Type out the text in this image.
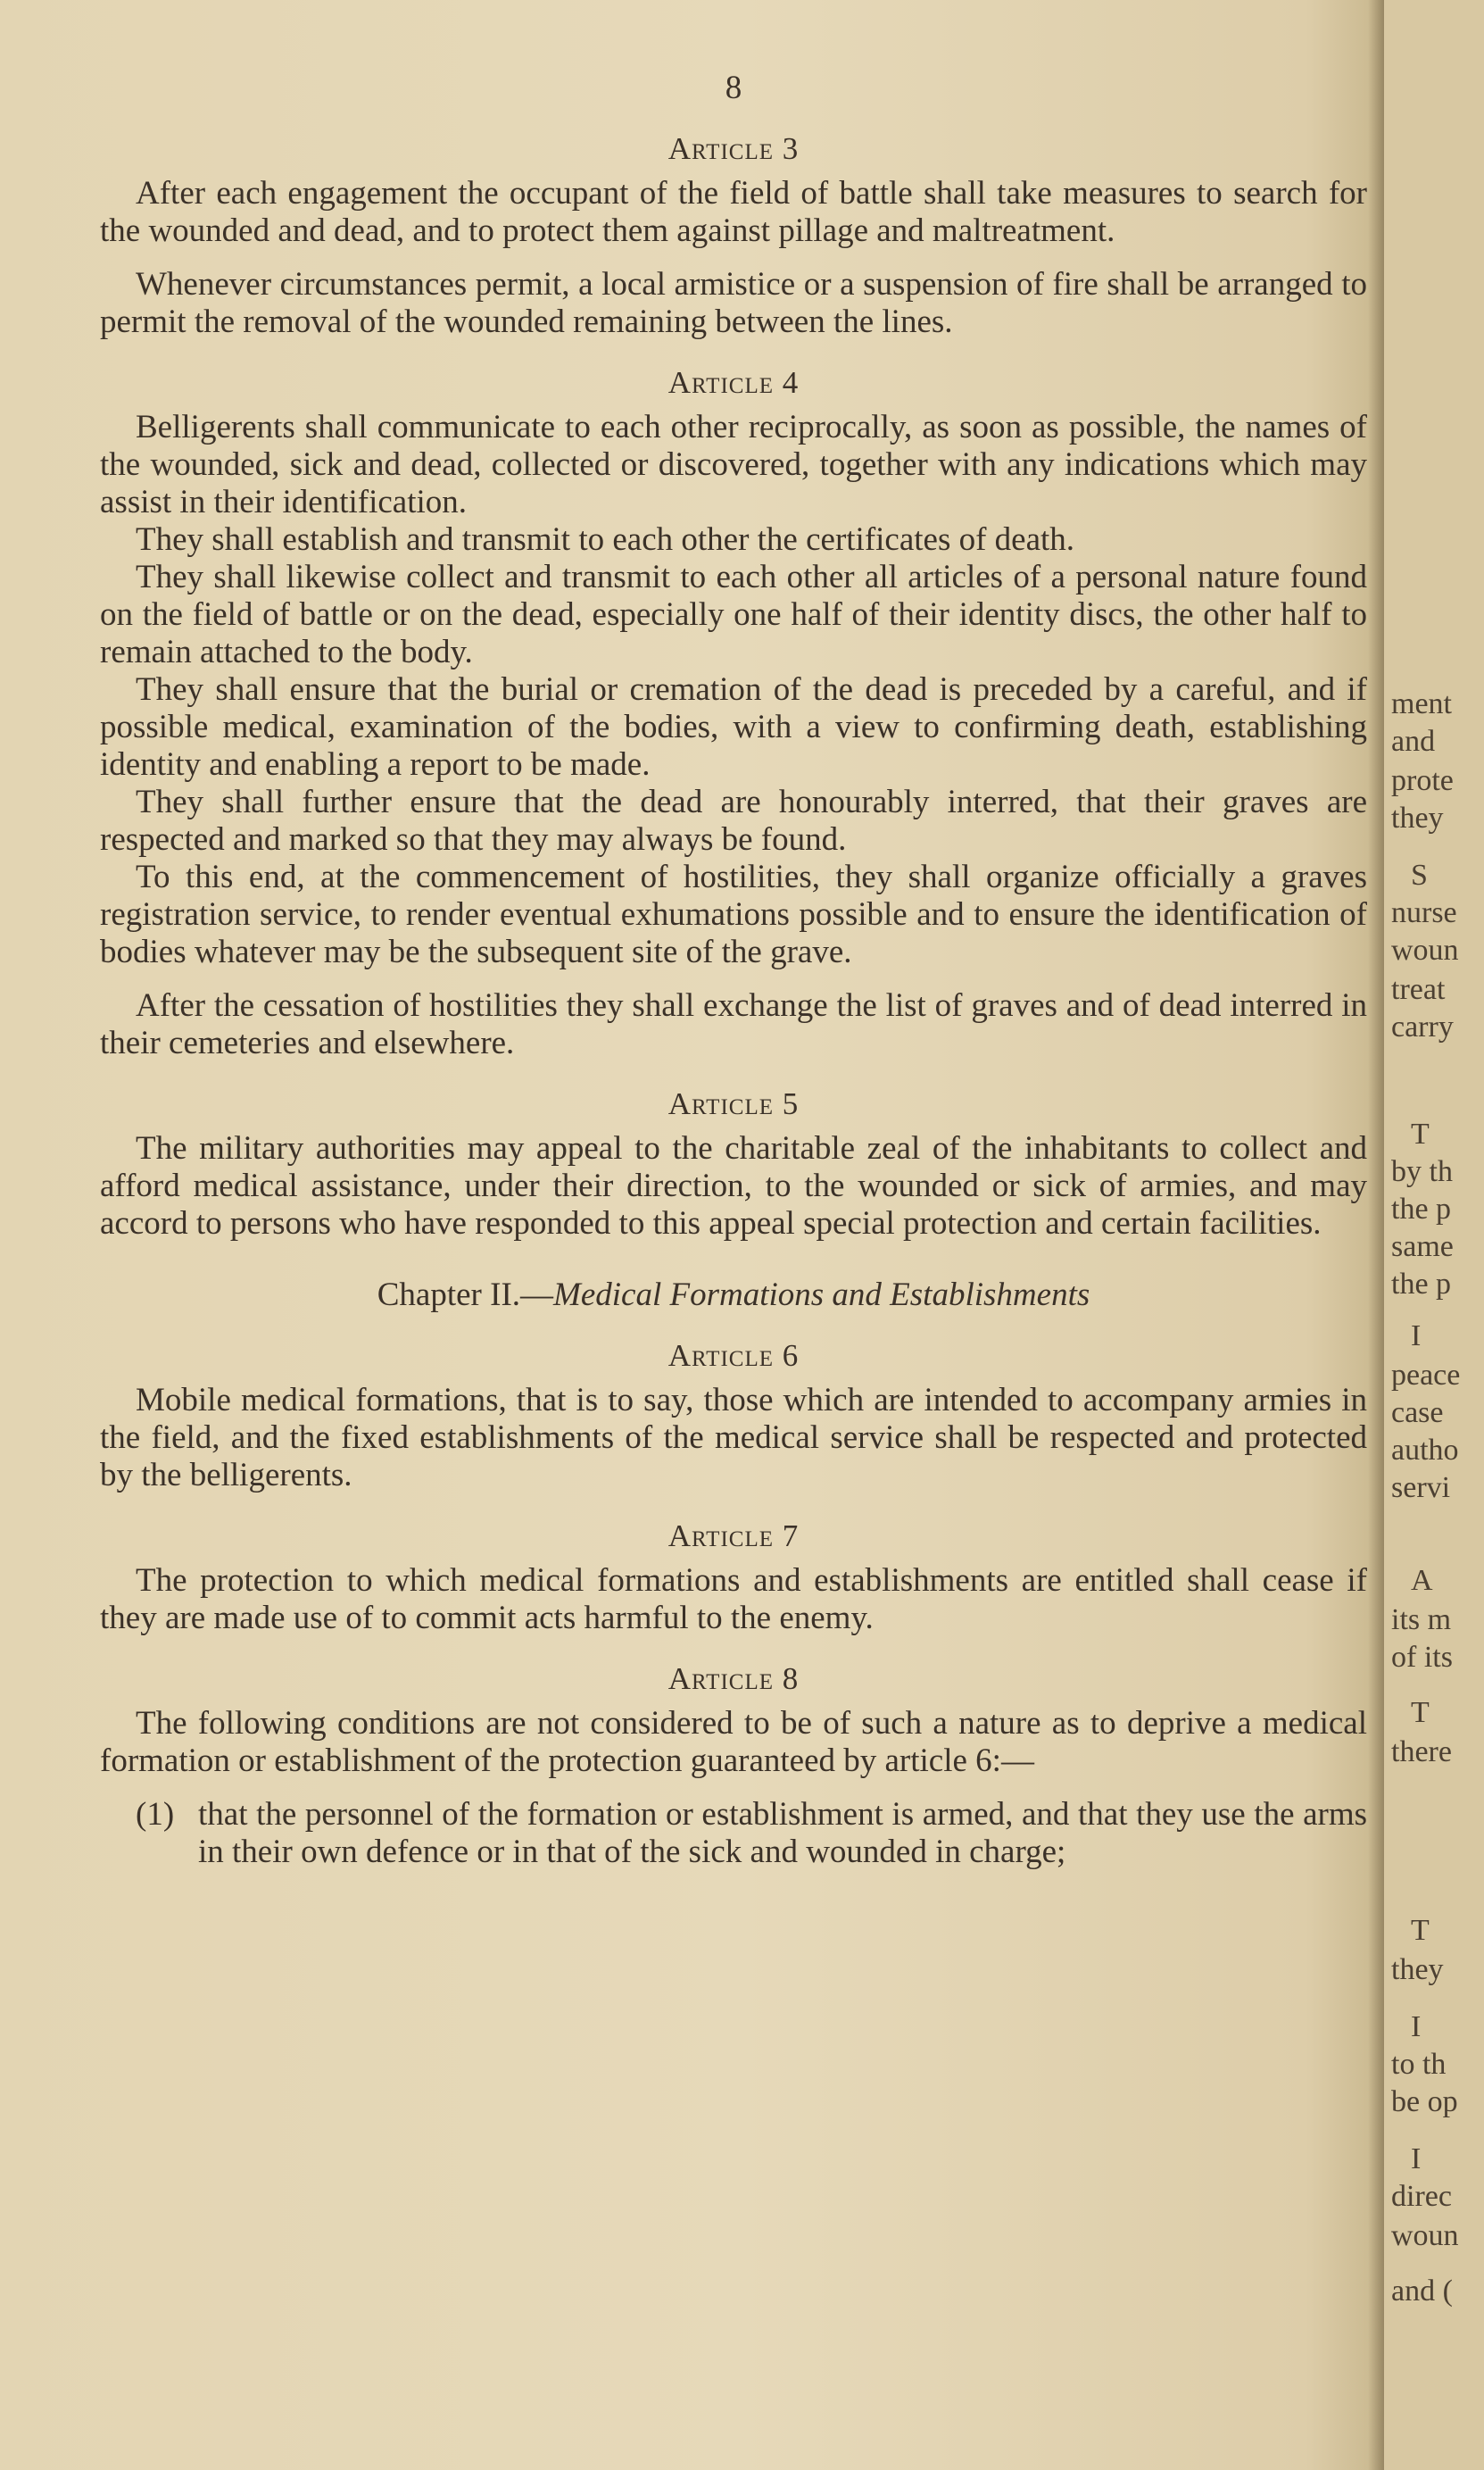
ment
and
prote
they
S
nurse
woun
treat
carry
T
by th
the p
same
the p
I
peace
case
autho
servi
A
its m
of its
T
there
T
they
I
to th
be op
I
direc
woun
and (
8
Article 3

After each engagement the occupant of the field of battle shall take measures to search for the wounded and dead, and to protect them against pillage and maltreatment.

Whenever circumstances permit, a local armistice or a suspension of fire shall be arranged to permit the removal of the wounded remaining between the lines.

Article 4

Belligerents shall communicate to each other reciprocally, as soon as possible, the names of the wounded, sick and dead, collected or discovered, together with any indications which may assist in their identification.

They shall establish and transmit to each other the certificates of death.

They shall likewise collect and transmit to each other all articles of a personal nature found on the field of battle or on the dead, especially one half of their identity discs, the other half to remain attached to the body.

They shall ensure that the burial or cremation of the dead is preceded by a careful, and if possible medical, examination of the bodies, with a view to confirming death, establishing identity and enabling a report to be made.

They shall further ensure that the dead are honourably interred, that their graves are respected and marked so that they may always be found.

To this end, at the commencement of hostilities, they shall organize officially a graves registration service, to render eventual exhumations possible and to ensure the identification of bodies whatever may be the subsequent site of the grave.

After the cessation of hostilities they shall exchange the list of graves and of dead interred in their cemeteries and elsewhere.

Article 5

The military authorities may appeal to the charitable zeal of the inhabitants to collect and afford medical assistance, under their direction, to the wounded or sick of armies, and may accord to persons who have responded to this appeal special protection and certain facilities.

Chapter II.—Medical Formations and Establishments
Article 6

Mobile medical formations, that is to say, those which are intended to accompany armies in the field, and the fixed establishments of the medical service shall be respected and protected by the belligerents.

Article 7

The protection to which medical formations and establishments are entitled shall cease if they are made use of to commit acts harmful to the enemy.

Article 8

The following conditions are not considered to be of such a nature as to deprive a medical formation or establishment of the protection guaranteed by article 6:—

(1) that the personnel of the formation or establishment is armed, and that they use the arms in their own defence or in that of the sick and wounded in charge;
